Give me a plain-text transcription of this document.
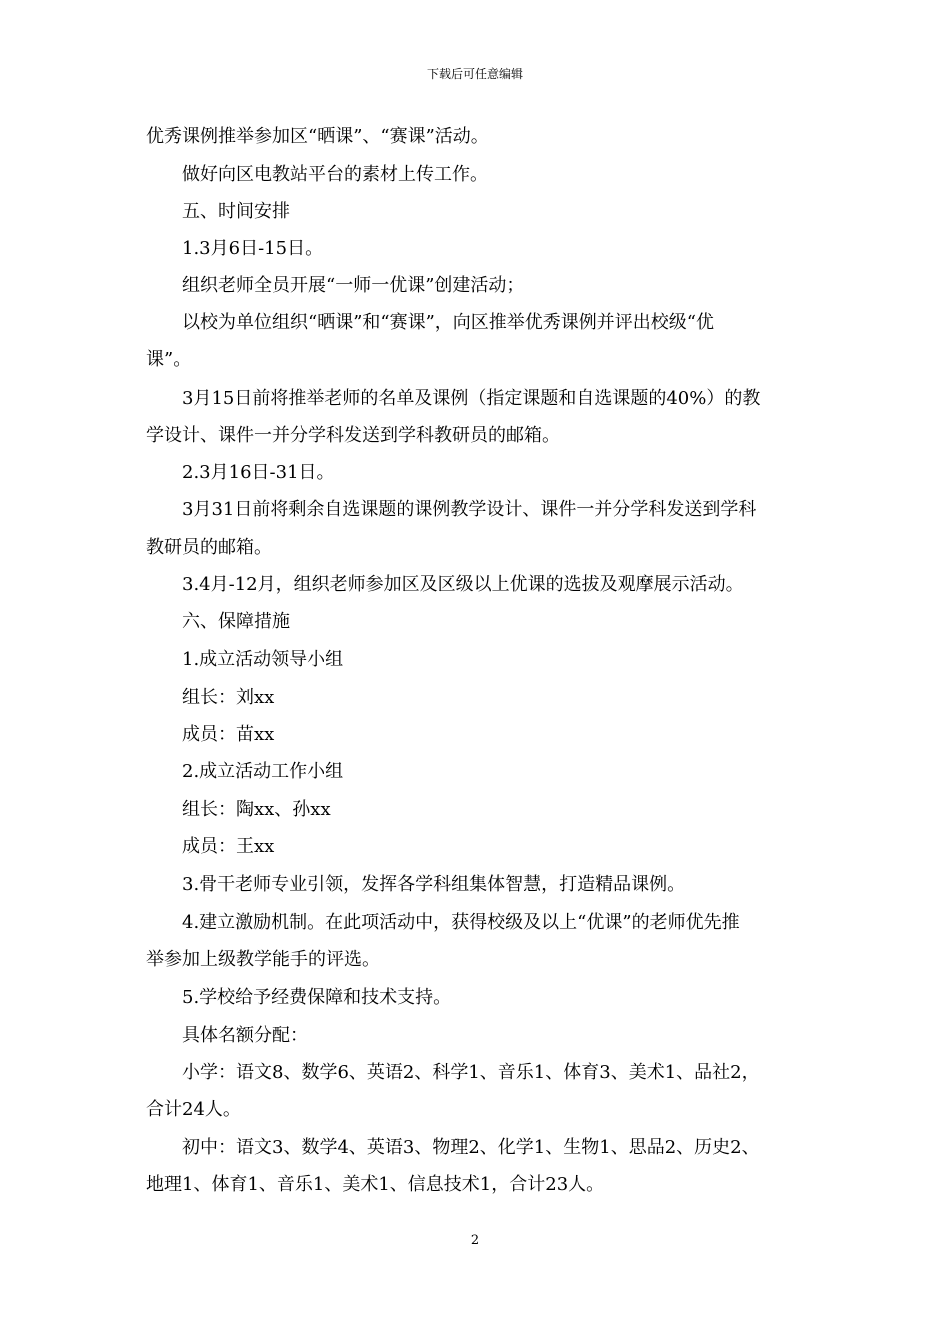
下载后可任意编辑
优秀课例推举参加区“晒课”、“赛课”活动。
做好向区电教站平台的素材上传工作。
五、时间安排
1.3月6日-15日。
组织老师全员开展“一师一优课”创建活动；
以校为单位组织“晒课”和“赛课”，向区推举优秀课例并评出校级“优
课”。
3月15日前将推举老师的名单及课例（指定课题和自选课题的40%）的教
学设计、课件一并分学科发送到学科教研员的邮箱。
2.3月16日-31日。
3月31日前将剩余自选课题的课例教学设计、课件一并分学科发送到学科
教研员的邮箱。
3.4月-12月，组织老师参加区及区级以上优课的选拔及观摩展示活动。
六、保障措施
1.成立活动领导小组
组长：刘xx
成员：苗xx
2.成立活动工作小组
组长：陶xx、孙xx
成员：王xx
3.骨干老师专业引领，发挥各学科组集体智慧，打造精品课例。
4.建立激励机制。在此项活动中，获得校级及以上“优课”的老师优先推
举参加上级教学能手的评选。
5.学校给予经费保障和技术支持。
具体名额分配：
小学：语文8、数学6、英语2、科学1、音乐1、体育3、美术1、品社2，
合计24人。
初中：语文3、数学4、英语3、物理2、化学1、生物1、思品2、历史2、
地理1、体育1、音乐1、美术1、信息技术1，合计23人。
2
